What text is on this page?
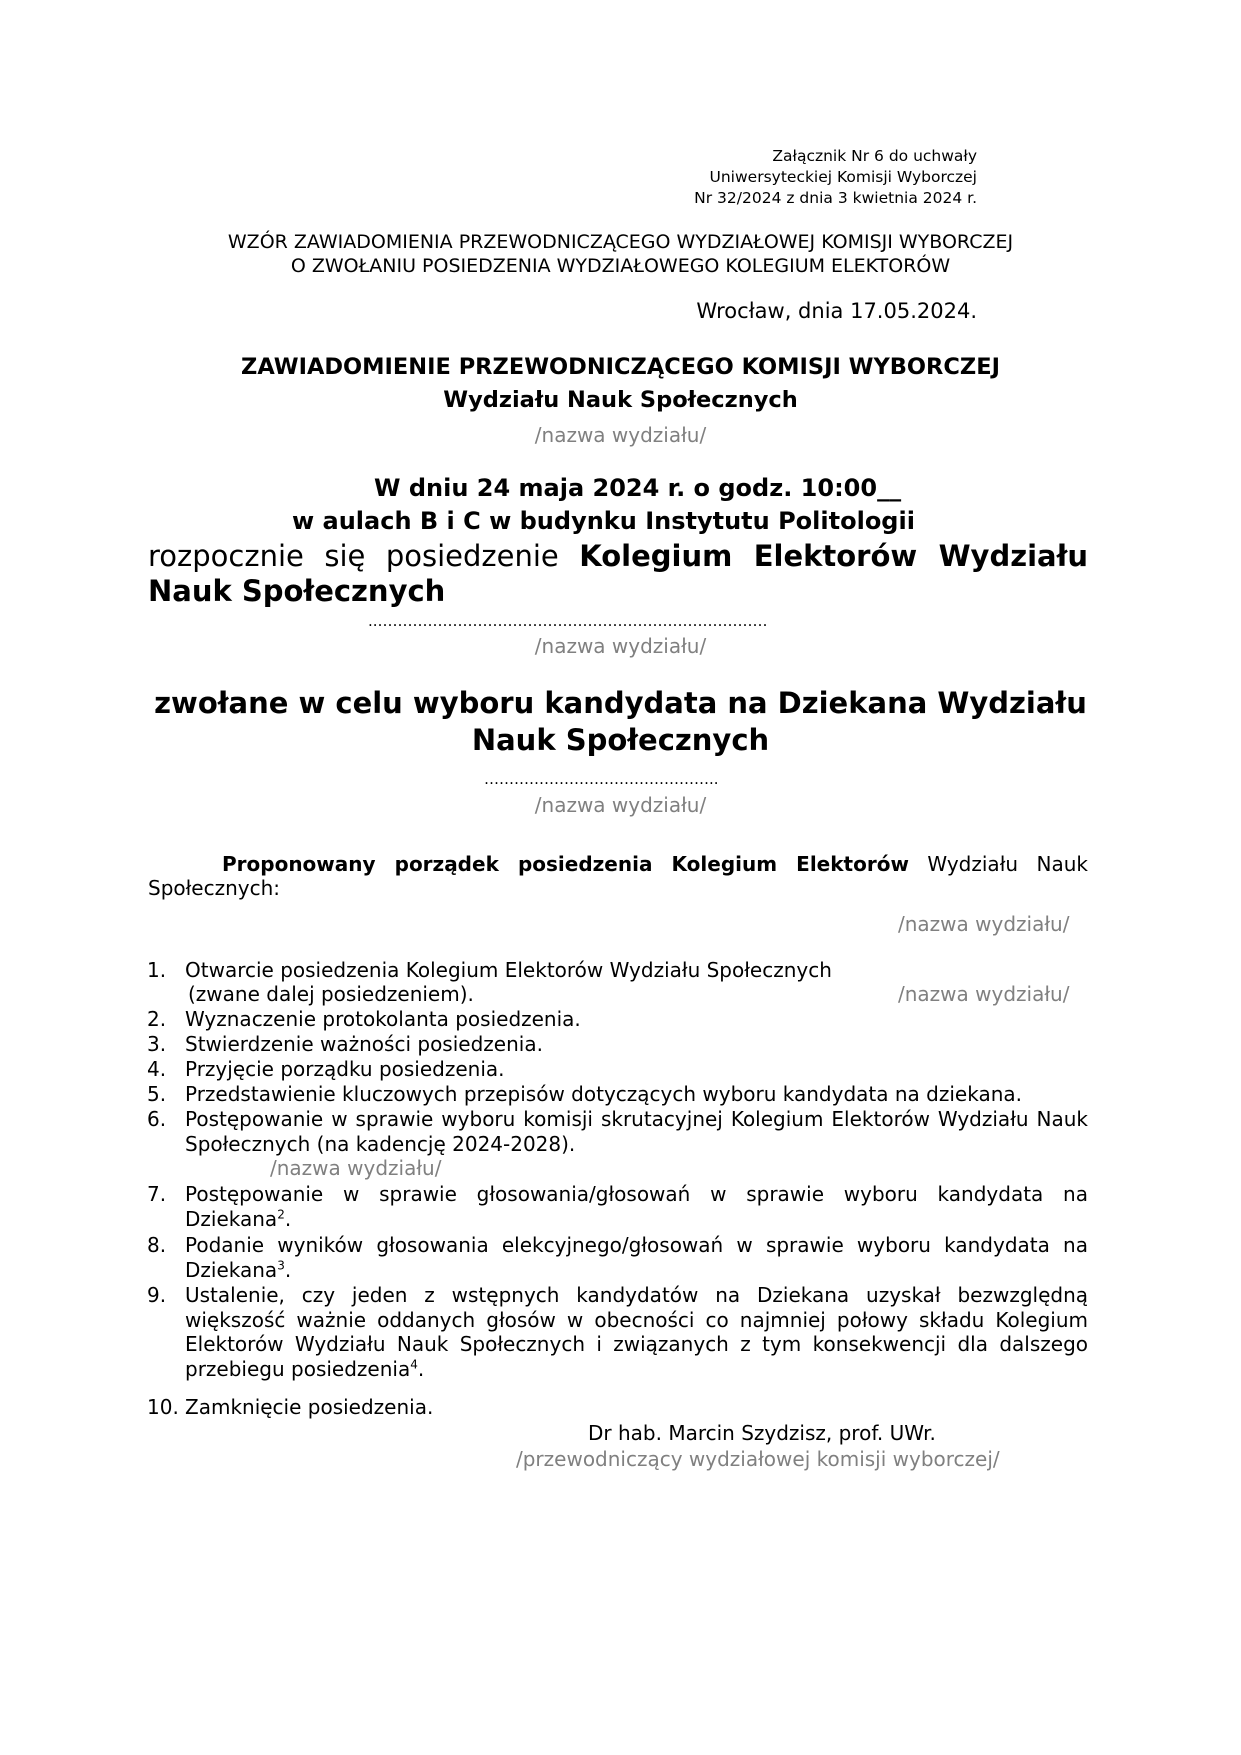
Załącznik Nr 6 do uchwały
Uniwersyteckiej Komisji Wyborczej
Nr 32/2024 z dnia 3 kwietnia 2024 r.
WZÓR ZAWIADOMIENIA PRZEWODNICZĄCEGO WYDZIAŁOWEJ KOMISJI WYBORCZEJ
O ZWOŁANIU POSIEDZENIA WYDZIAŁOWEGO KOLEGIUM ELEKTORÓW
Wrocław, dnia 17.05.2024.
ZAWIADOMIENIE PRZEWODNICZĄCEGO KOMISJI WYBORCZEJ
Wydziału Nauk Społecznych
/nazwa wydziału/
W dniu 24 maja 2024 r. o godz. 10:00__
w aulach B i C w budynku Instytutu Politologii
rozpocznie się posiedzenie Kolegium Elektorów Wydziału
Nauk Społecznych
..……………………………………………………………………
/nazwa wydziału/
zwołane w celu wyboru kandydata na Dziekana Wydziału
Nauk Społecznych
………………………………………..
/nazwa wydziału/
Proponowany porządek posiedzenia Kolegium Elektorów Wydziału Nauk
Społecznych:
/nazwa wydziału/
1. Otwarcie posiedzenia Kolegium Elektorów Wydziału Społecznych
(zwane dalej posiedzeniem).	/nazwa wydziału/
2. Wyznaczenie protokolanta posiedzenia.
3. Stwierdzenie ważności posiedzenia.
4. Przyjęcie porządku posiedzenia.
5. Przedstawienie kluczowych przepisów dotyczących wyboru kandydata na dziekana.
6. Postępowanie w sprawie wyboru komisji skrutacyjnej Kolegium Elektorów Wydziału Nauk Społecznych (na kadencję 2024-2028).
/nazwa wydziału/
7. Postępowanie w sprawie głosowania/głosowań w sprawie wyboru kandydata na Dziekana$^2$.
8. Podanie wyników głosowania elekcyjnego/głosowań w sprawie wyboru kandydata na Dziekana$^3$.
9. Ustalenie, czy jeden z wstępnych kandydatów na Dziekana uzyskał bezwzględną większość ważnie oddanych głosów w obecności co najmniej połowy składu Kolegium Elektorów Wydziału Nauk Społecznych i związanych z tym konsekwencji dla dalszego przebiegu posiedzenia$^4$.
10. Zamknięcie posiedzenia.
Dr hab. Marcin Szydzisz, prof. UWr.
/przewodniczący wydziałowej komisji wyborczej/
